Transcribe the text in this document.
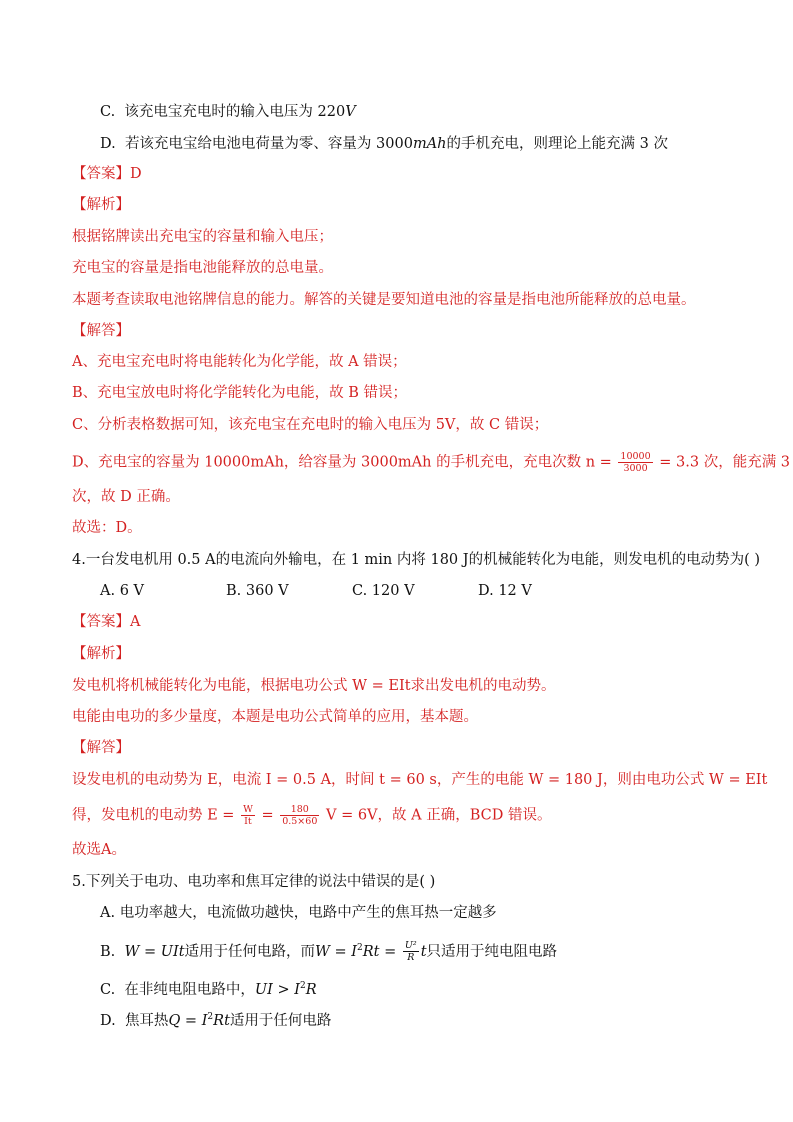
C. 该充电宝充电时的输入电压为 220V
D. 若该充电宝给电池电荷量为零、容量为 3000mAh的手机充电，则理论上能充满 3 次
【答案】D
【解析】
根据铭牌读出充电宝的容量和输入电压；
充电宝的容量是指电池能释放的总电量。
本题考查读取电池铭牌信息的能力。解答的关键是要知道电池的容量是指电池所能释放的总电量。
【解答】
A、充电宝充电时将电能转化为化学能，故 A 错误；
B、充电宝放电时将化学能转化为电能，故 B 错误；
C、分析表格数据可知，该充电宝在充电时的输入电压为 5V，故 C 错误；
D、充电宝的容量为 10000mAh，给容量为 3000mAh 的手机充电，充电次数 $n = \frac{10000}{3000} = 3.3$ 次，能充满 3
次，故 D 正确。
故选：D。
4.一台发电机用 0.5 A的电流向外输电，在 1 min 内将 180 J的机械能转化为电能，则发电机的电动势为( )
A. 6 V	B. 360 V	C. 120 V	D. 12 V
【答案】A
【解析】
发电机将机械能转化为电能，根据电功公式 W = EIt求出发电机的电动势。
电能由电功的多少量度，本题是电功公式简单的应用，基本题。
【解答】
设发电机的电动势为 E，电流 I = 0.5 A，时间 t = 60 s，产生的电能 W = 180 J，则由电功公式 W = EIt
得，发电机的电动势 $E = \frac{W}{It} = \frac{180}{0.5\times 60}$ V = 6V，故 A 正确，BCD 错误。
故选A。
5.下列关于电功、电功率和焦耳定律的说法中错误的是( )
A. 电功率越大，电流做功越快，电路中产生的焦耳热一定越多
B. W = UIt适用于任何电路，而$W = I^2Rt = \frac{\text{U²}}{R}$ t只适用于纯电阻电路
C. 在非纯电阻电路中，UI > $I^2R$
D. 焦耳热$Q = I^2Rt$适用于任何电路
